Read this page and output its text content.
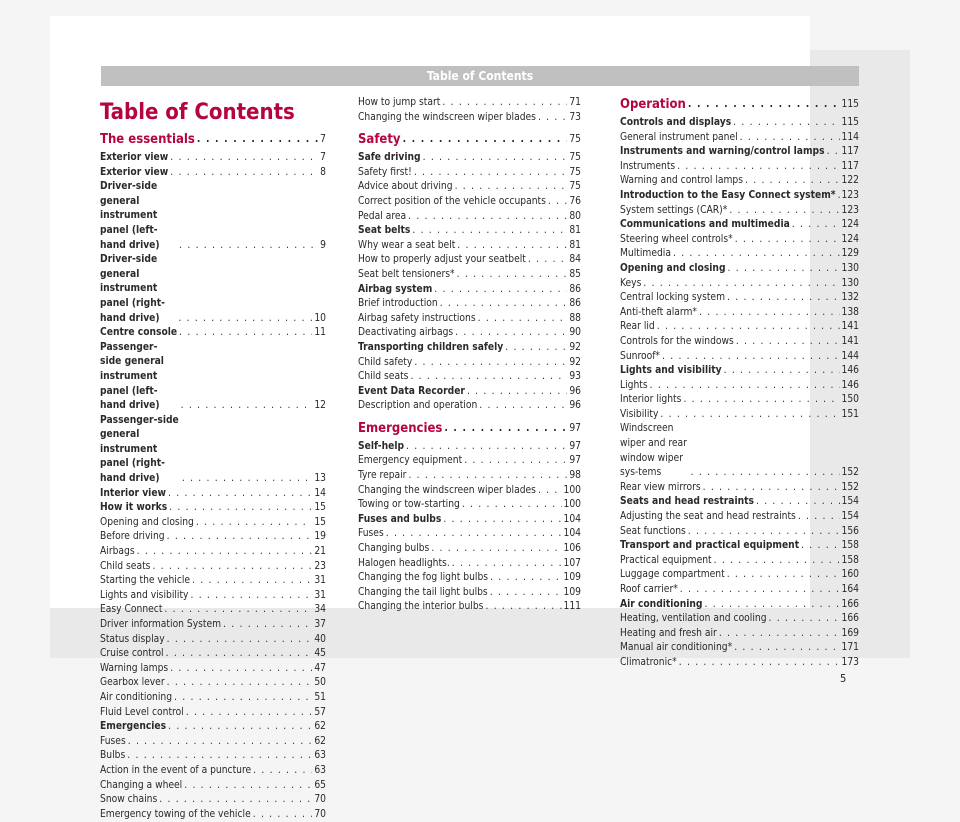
Table of Contents
Table of Contents
The essentials . . .	7
Exterior view . . .	7
Exterior view . . .	8
Driver-side general instrument panel (left-hand drive) . . .	9
Driver-side general instrument panel (right-hand drive) . . .	10
Centre console . . .	11
Passenger-side general instrument panel (left-hand drive) . . .	12
Passenger-side general instrument panel (right-hand drive) . . .	13
Interior view . . .	14
How it works . . .	15
Opening and closing . . .	15
Before driving . . .	19
Airbags . . .	21
Child seats . . .	23
Starting the vehicle . . .	31
Lights and visibility . . .	31
Easy Connect . . .	34
Driver information System . . .	37
Status display . . .	40
Cruise control . . .	45
Warning lamps . . .	47
Gearbox lever . . .	50
Air conditioning . . .	51
Fluid Level control . . .	57
Emergencies . . .	62
Fuses . . .	62
Bulbs . . .	63
Action in the event of a puncture . . .	63
Changing a wheel . . .	65
Snow chains . . .	70
Emergency towing of the vehicle . . .	70
How to jump start . . .	71
Changing the windscreen wiper blades . . .	73
Safety . . .	75
Safe driving . . .	75
Safety first! . . .	75
Advice about driving . . .	75
Correct position of the vehicle occupants . . . 76
Pedal area . . .	80
Seat belts . . .	81
Why wear a seat belt . . .	81
How to properly adjust your seatbelt . . .	84
Seat belt tensioners* . . .	85
Airbag system . . .	86
Brief introduction . . .	86
Airbag safety instructions . . .	88
Deactivating airbags . . .	90
Transporting children safely . . .	92
Child safety . . .	92
Child seats . . .	93
Event Data Recorder . . .	96
Description and operation . . .	96
Emergencies . . .	97
Self-help . . .	97
Emergency equipment . . .	97
Tyre repair . . .	98
Changing the windscreen wiper blades . . .	100
Towing or tow-starting . . .	100
Fuses and bulbs . . .	104
Fuses . . .	104
Changing bulbs . . .	106
Halogen headlights. . . .	107
Changing the fog light bulbs . . .	109
Changing the tail light bulbs . . .	109
Changing the interior bulbs . . .	111
Operation . . .	115
Controls and displays . . .	115
General instrument panel . . .	114
Instruments and warning/control lamps . . . 117
Instruments . . .	117
Warning and control lamps . . .	122
Introduction to the Easy Connect system* . . . 123
System settings (CAR)* . . .	123
Communications and multimedia . . .	124
Steering wheel controls* . . .	124
Multimedia . . .	129
Opening and closing . . .	130
Keys . . .	130
Central locking system . . .	132
Anti-theft alarm* . . .	138
Rear lid . . .	141
Controls for the windows . . .	141
Sunroof* . . .	144
Lights and visibility . . .	146
Lights . . .	146
Interior lights . . .	150
Visibility . . .	151
Windscreen wiper and rear window wiper sys-tems . . .	152
Rear view mirrors . . .	152
Seats and head restraints . . .	154
Adjusting the seat and head restraints . . .	154
Seat functions . . .	156
Transport and practical equipment . . .	158
Practical equipment . . .	158
Luggage compartment . . .	160
Roof carrier* . . .	164
Air conditioning . . .	166
Heating, ventilation and cooling . . .	166
Heating and fresh air . . .	169
Manual air conditioning* . . .	171
Climatronic* . . .	173
5
